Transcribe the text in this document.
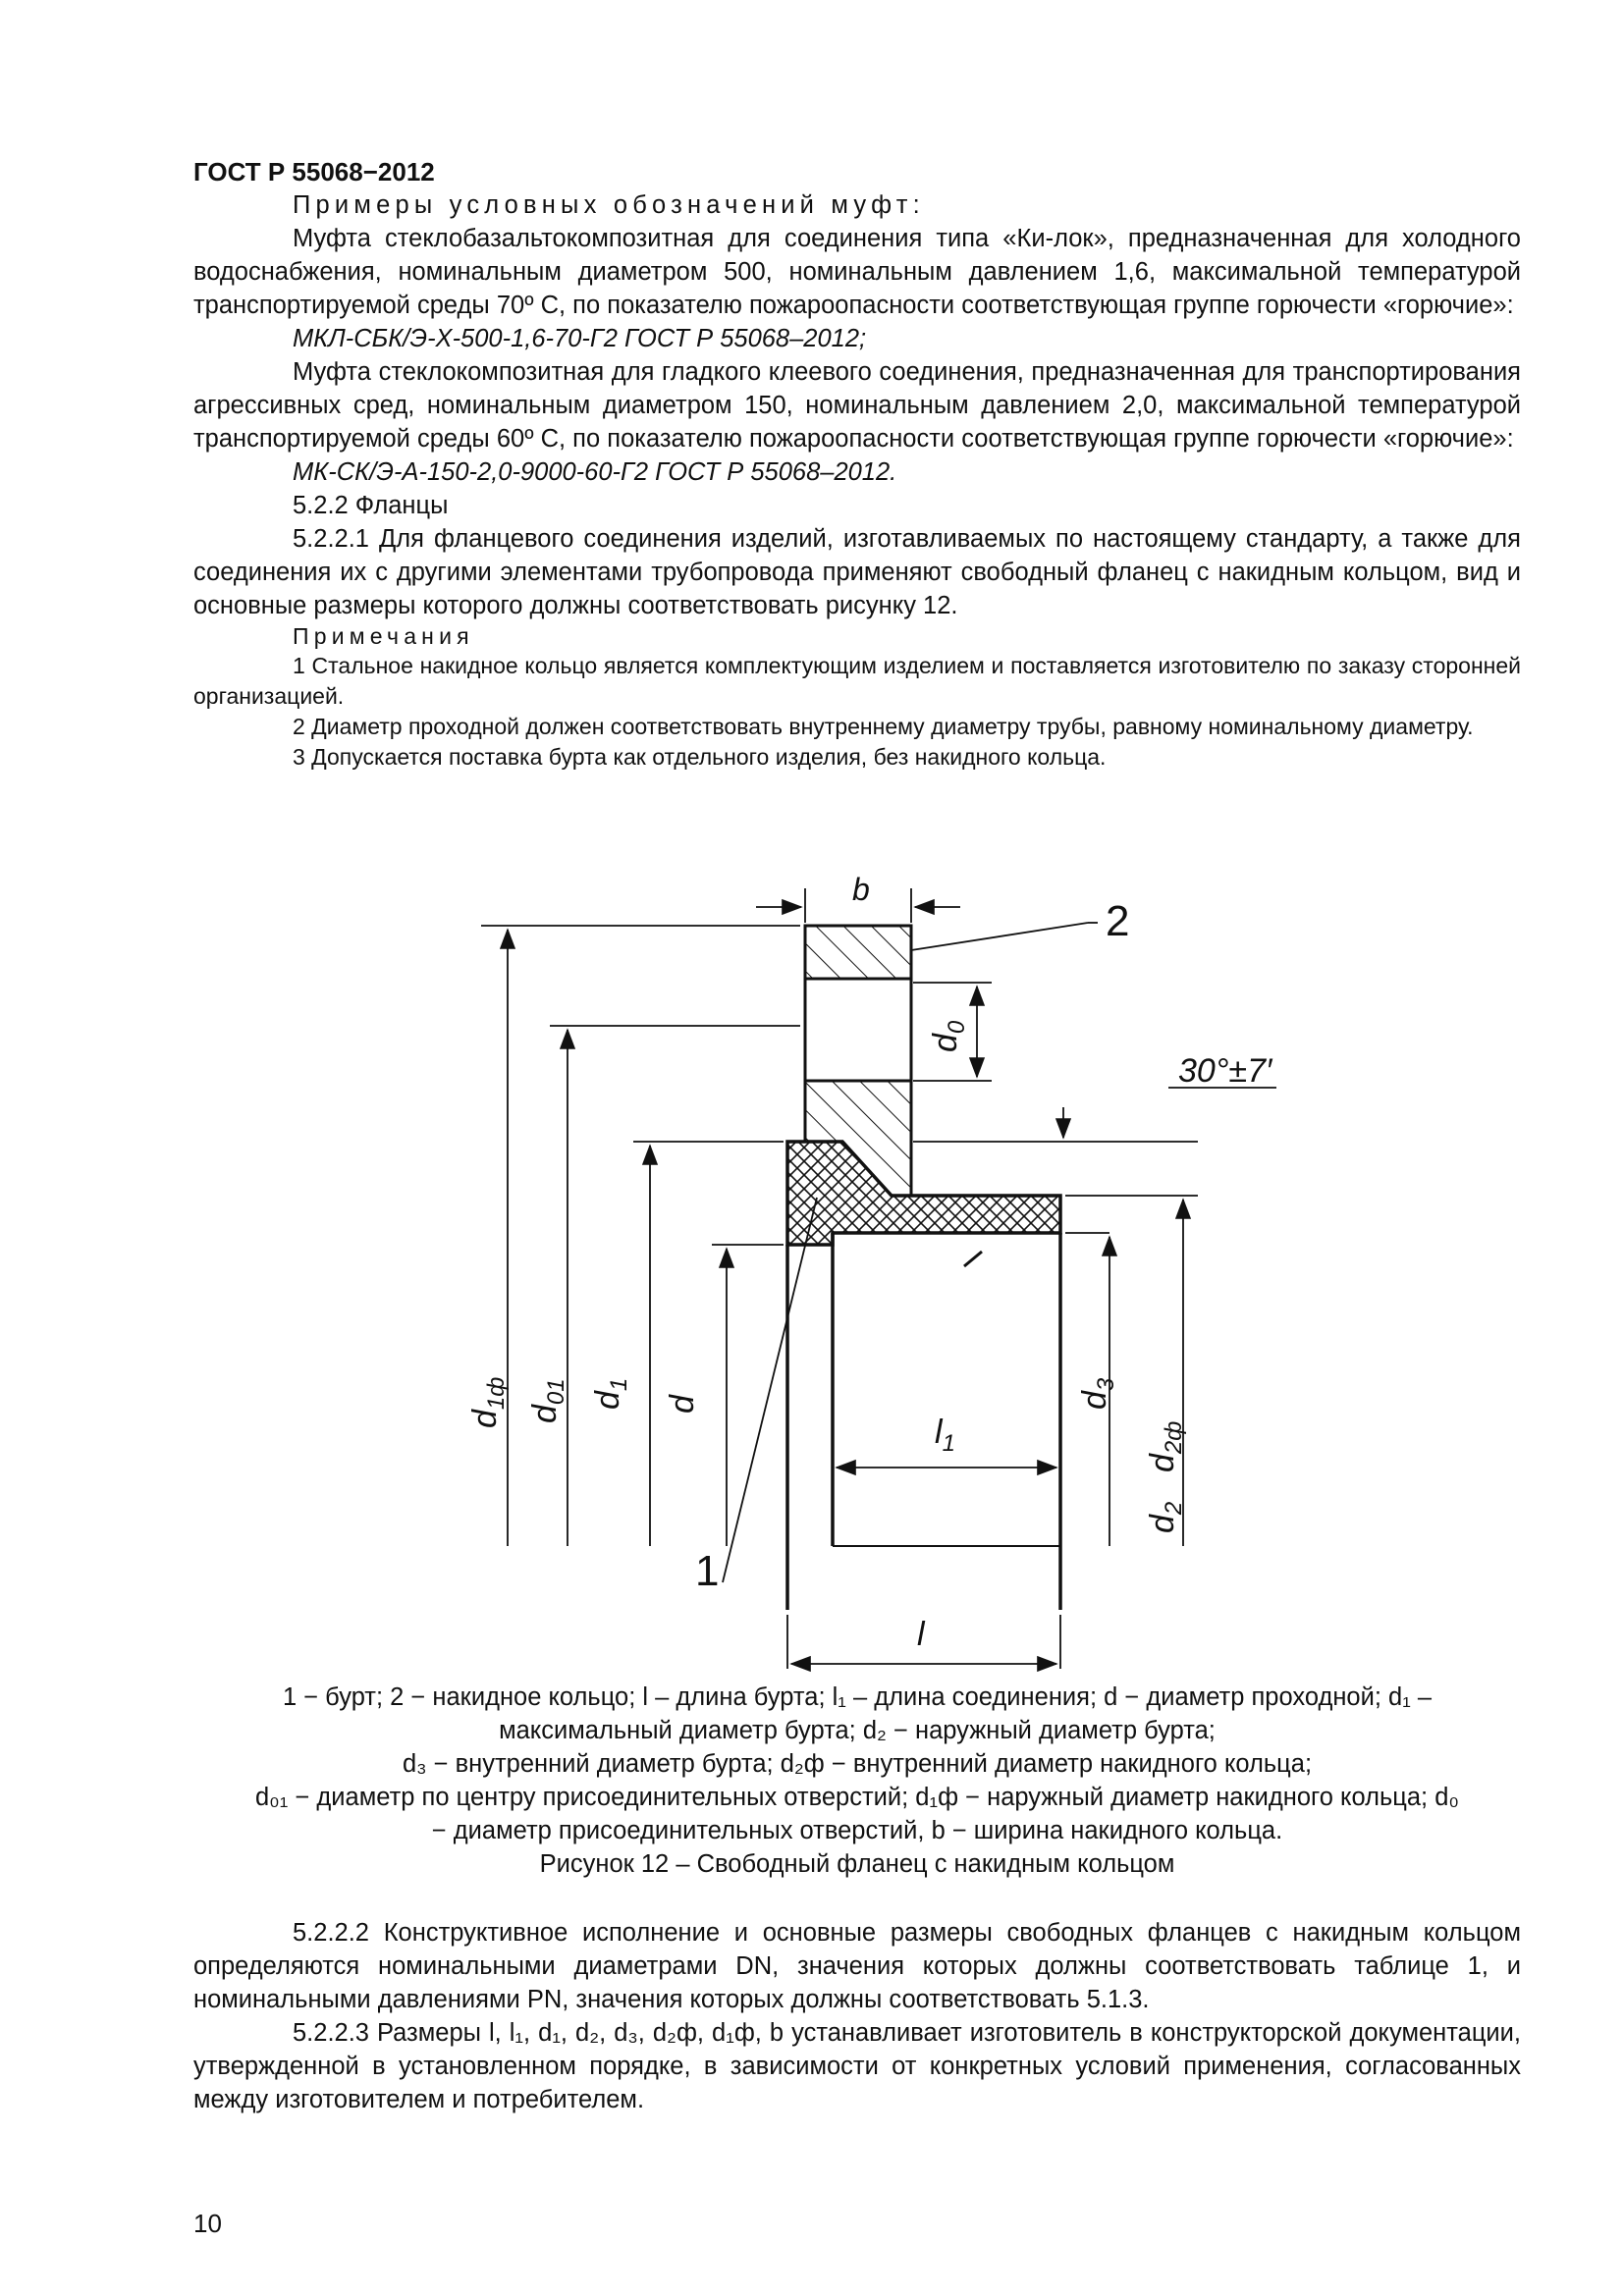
ГОСТ Р 55068−2012

Примеры условных обозначений муфт:

Муфта стеклобазальтокомпозитная для соединения типа «Ки-лок», предназначенная для холодного водоснабжения, номинальным диаметром 500, номинальным давлением 1,6, максимальной температурой транспортируемой среды 70º С, по показателю пожароопасности соответствующая группе горючести «горючие»:

МКЛ-СБК/Э-Х-500-1,6-70-Г2 ГОСТ Р 55068–2012;

Муфта стеклокомпозитная для гладкого клеевого соединения, предназначенная для транспортирования агрессивных сред, номинальным диаметром 150, номинальным давлением 2,0, максимальной температурой транспортируемой среды 60º С, по показателю пожароопасности соответствующая группе горючести «горючие»:

МК-СК/Э-А-150-2,0-9000-60-Г2 ГОСТ Р 55068–2012.

5.2.2 Фланцы

5.2.2.1 Для фланцевого соединения изделий, изготавливаемых по настоящему стандарту, а также для соединения их с другими элементами трубопровода применяют свободный фланец с накидным кольцом, вид и основные размеры которого должны соответствовать рисунку 12.

Примечания

1 Стальное накидное кольцо является комплектующим изделием и поставляется изготовителю по заказу сторонней организацией.

2 Диаметр проходной должен соответствовать внутреннему диаметру трубы, равному номинальному диаметру.

3 Допускается поставка бурта как отдельного изделия, без накидного кольца.

b
2
1
30°±7′
$d_0$
$d_{1ф}$
$d_{01}$ $d_1$
d	$d_3$
$d_{2ф}$
$d_2$
$l_1$
l
1 − бурт; 2 − накидное кольцо; l – длина бурта; l₁ – длина соединения; d − диаметр проходной; d₁ –
максимальный диаметр бурта; d₂ − наружный диаметр бурта;
d₃ − внутренний диаметр бурта; d₂ф − внутренний диаметр накидного кольца;
d₀₁ − диаметр по центру присоединительных отверстий; d₁ф − наружный диаметр накидного кольца; d₀
− диаметр присоединительных отверстий, b − ширина накидного кольца.
Рисунок 12 – Свободный фланец с накидным кольцом

5.2.2.2 Конструктивное исполнение и основные размеры свободных фланцев с накидным кольцом определяются номинальными диаметрами DN, значения которых должны соответствовать таблице 1, и номинальными давлениями PN, значения которых должны соответствовать 5.1.3.

5.2.2.3 Размеры l, l₁, d₁, d₂, d₃, d₂ф, d₁ф, b устанавливает изготовитель в конструкторской документации, утвержденной в установленном порядке, в зависимости от конкретных условий применения, согласованных между изготовителем и потребителем.

10
